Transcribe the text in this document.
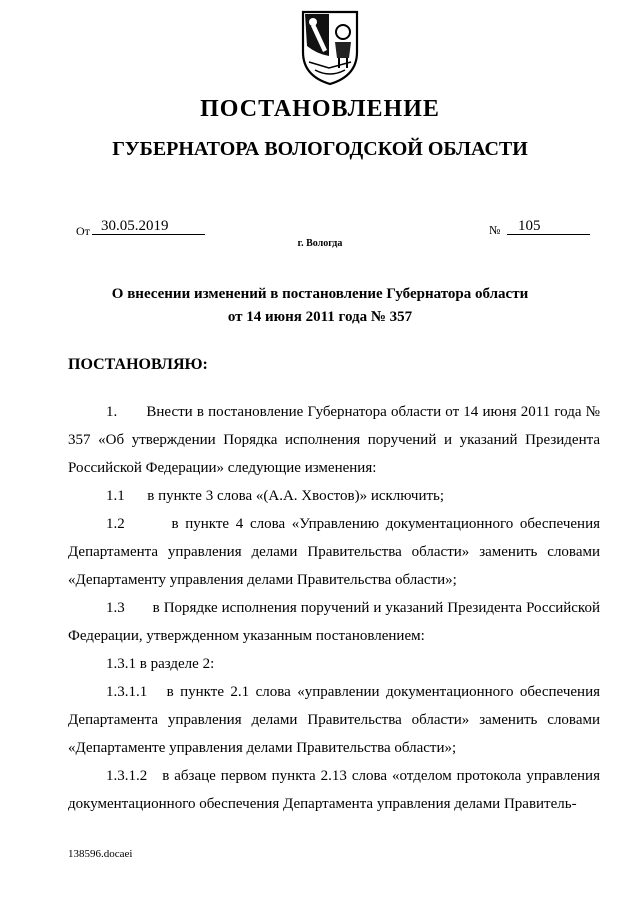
ПОСТАНОВЛЕНИЕ
ГУБЕРНАТОРА ВОЛОГОДСКОЙ ОБЛАСТИ
От 30.05.2019	№ 105
г. Вологда
О внесении изменений в постановление Губернатора области
от 14 июня 2011 года № 357
ПОСТАНОВЛЯЮ:

1.       Внести в постановление Губернатора области от 14 июня 2011 года № 357 «Об утверждении Порядка исполнения поручений и указаний Президента Российской Федерации» следующие изменения:

1.1      в пункте 3 слова «(А.А. Хвостов)» исключить;

1.2       в пункте 4 слова «Управлению документационного обеспечения Департамента управления делами Правительства области» заменить словами «Департаменту управления делами Правительства области»;

1.3       в Порядке исполнения поручений и указаний Президента Российской Федерации, утвержденном указанным постановлением:

1.3.1 в разделе 2:

1.3.1.1   в пункте 2.1 слова «управлении документационного обеспечения Департамента управления делами Правительства области» заменить словами «Департаменте управления делами Правительства области»;

1.3.1.2   в абзаце первом пункта 2.13 слова «отделом протокола управления документационного обеспечения Департамента управления делами Правитель-

138596.docaei
